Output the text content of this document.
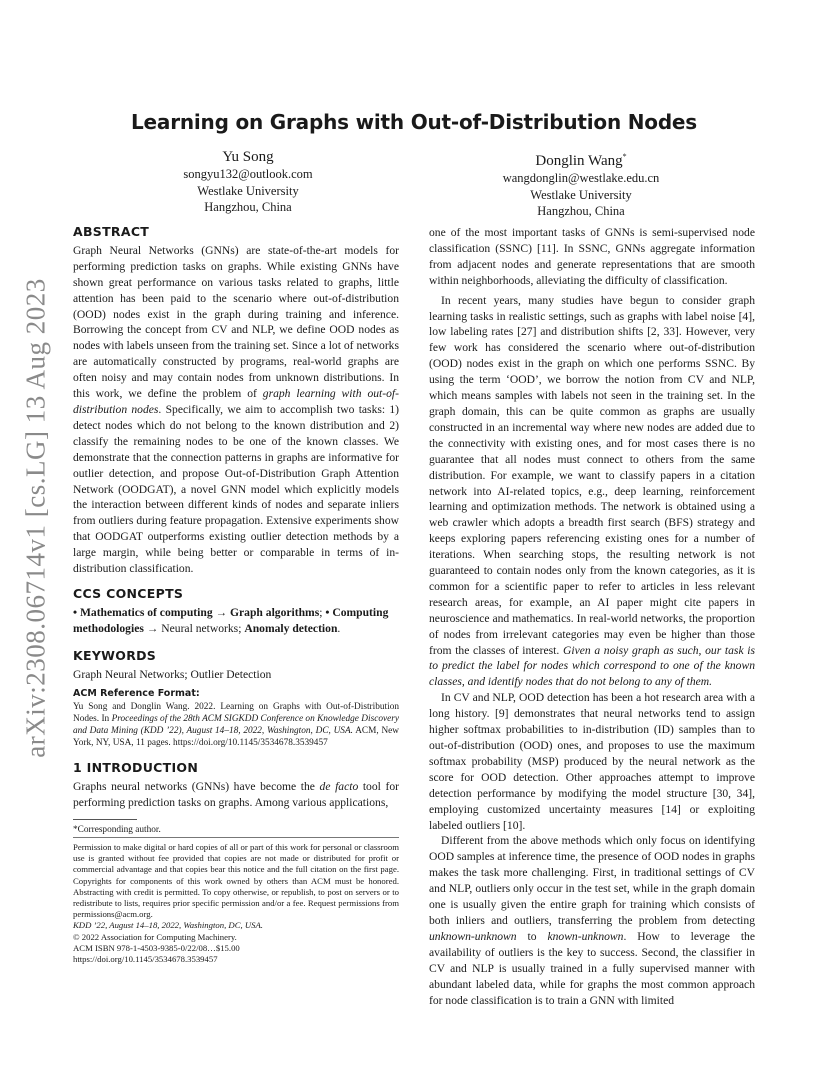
arXiv:2308.06714v1 [cs.LG] 13 Aug 2023
Learning on Graphs with Out-of-Distribution Nodes
Yu Song
songyu132@outlook.com
Westlake University
Hangzhou, China
Donglin Wang*
wangdonglin@westlake.edu.cn
Westlake University
Hangzhou, China
ABSTRACT

Graph Neural Networks (GNNs) are state-of-the-art models for performing prediction tasks on graphs. While existing GNNs have shown great performance on various tasks related to graphs, little attention has been paid to the scenario where out-of-distribution (OOD) nodes exist in the graph during training and inference. Borrowing the concept from CV and NLP, we define OOD nodes as nodes with labels unseen from the training set. Since a lot of networks are automatically constructed by programs, real-world graphs are often noisy and may contain nodes from unknown distributions. In this work, we define the problem of graph learning with out-of-distribution nodes. Specifically, we aim to accomplish two tasks: 1) detect nodes which do not belong to the known distribution and 2) classify the remaining nodes to be one of the known classes. We demonstrate that the connection patterns in graphs are informative for outlier detection, and propose Out-of-Distribution Graph Attention Network (OODGAT), a novel GNN model which explicitly models the interaction between different kinds of nodes and separate inliers from outliers during feature propagation. Extensive experiments show that OODGAT outperforms existing outlier detection methods by a large margin, while being better or comparable in terms of in-distribution classification.

CCS CONCEPTS

• Mathematics of computing → Graph algorithms; • Computing methodologies → Neural networks; Anomaly detection.

KEYWORDS

Graph Neural Networks; Outlier Detection

ACM Reference Format:

Yu Song and Donglin Wang. 2022. Learning on Graphs with Out-of-Distribution Nodes. In Proceedings of the 28th ACM SIGKDD Conference on Knowledge Discovery and Data Mining (KDD ’22), August 14–18, 2022, Washington, DC, USA. ACM, New York, NY, USA, 11 pages. https://doi.org/10.1145/3534678.3539457

1 INTRODUCTION

Graphs neural networks (GNNs) have become the de facto tool for performing prediction tasks on graphs. Among various applications,

*Corresponding author.
Permission to make digital or hard copies of all or part of this work for personal or classroom use is granted without fee provided that copies are not made or distributed for profit or commercial advantage and that copies bear this notice and the full citation on the first page. Copyrights for components of this work owned by others than ACM must be honored. Abstracting with credit is permitted. To copy otherwise, or republish, to post on servers or to redistribute to lists, requires prior specific permission and/or a fee. Request permissions from permissions@acm.org.
KDD ’22, August 14–18, 2022, Washington, DC, USA.
© 2022 Association for Computing Machinery.
ACM ISBN 978-1-4503-9385-0/22/08…$15.00
https://doi.org/10.1145/3534678.3539457

one of the most important tasks of GNNs is semi-supervised node classification (SSNC) [11]. In SSNC, GNNs aggregate information from adjacent nodes and generate representations that are smooth within neighborhoods, alleviating the difficulty of classification.

In recent years, many studies have begun to consider graph learning tasks in realistic settings, such as graphs with label noise [4], low labeling rates [27] and distribution shifts [2, 33]. However, very few work has considered the scenario where out-of-distribution (OOD) nodes exist in the graph on which one performs SSNC. By using the term ‘OOD’, we borrow the notion from CV and NLP, which means samples with labels not seen in the training set. In the graph domain, this can be quite common as graphs are usually constructed in an incremental way where new nodes are added due to the connectivity with existing ones, and for most cases there is no guarantee that all nodes must connect to others from the same distribution. For example, we want to classify papers in a citation network into AI-related topics, e.g., deep learning, reinforcement learning and optimization methods. The network is obtained using a web crawler which adopts a breadth first search (BFS) strategy and keeps exploring papers referencing existing ones for a number of iterations. When searching stops, the resulting network is not guaranteed to contain nodes only from the known categories, as it is common for a scientific paper to refer to articles in less relevant research areas, for example, an AI paper might cite papers in neuroscience and mathematics. In real-world networks, the proportion of nodes from irrelevant categories may even be higher than those from the classes of interest. Given a noisy graph as such, our task is to predict the label for nodes which correspond to one of the known classes, and identify nodes that do not belong to any of them.

In CV and NLP, OOD detection has been a hot research area with a long history. [9] demonstrates that neural networks tend to assign higher softmax probabilities to in-distribution (ID) samples than to out-of-distribution (OOD) ones, and proposes to use the maximum softmax probability (MSP) produced by the neural network as the score for OOD detection. Other approaches attempt to improve detection performance by modifying the model structure [30, 34], employing customized uncertainty measures [14] or exploiting labeled outliers [10].

Different from the above methods which only focus on identifying OOD samples at inference time, the presence of OOD nodes in graphs makes the task more challenging. First, in traditional settings of CV and NLP, outliers only occur in the test set, while in the graph domain one is usually given the entire graph for training which consists of both inliers and outliers, transferring the problem from detecting unknown-unknown to known-unknown. How to leverage the availability of outliers is the key to success. Second, the classifier in CV and NLP is usually trained in a fully supervised manner with abundant labeled data, while for graphs the most common approach for node classification is to train a GNN with limited
